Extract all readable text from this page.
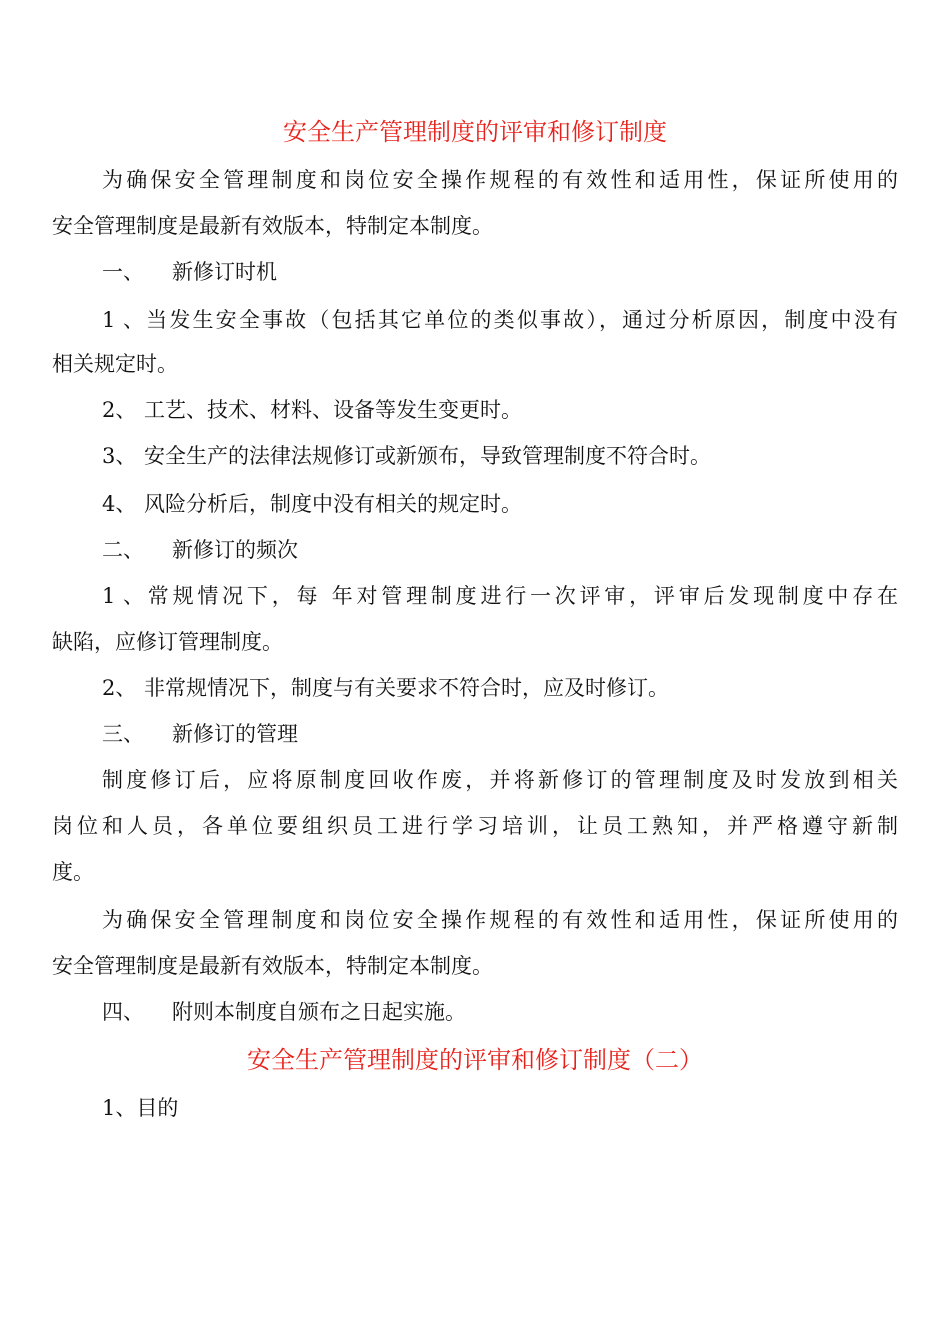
安全生产管理制度的评审和修订制度
为确保安全管理制度和岗位安全操作规程的有效性和适用性，保证所使用的
安全管理制度是最新有效版本，特制定本制度。
一、 新修订时机
1、当发生安全事故（包括其它单位的类似事故），通过分析原因，制度中没有
相关规定时。
2、 工艺、技术、材料、设备等发生变更时。
3、 安全生产的法律法规修订或新颁布，导致管理制度不符合时。
4、 风险分析后，制度中没有相关的规定时。
二、 新修订的频次
1、常规情况下，每 年对管理制度进行一次评审，评审后发现制度中存在
缺陷，应修订管理制度。
2、 非常规情况下，制度与有关要求不符合时，应及时修订。
三、 新修订的管理
制度修订后，应将原制度回收作废，并将新修订的管理制度及时发放到相关
岗位和人员，各单位要组织员工进行学习培训，让员工熟知，并严格遵守新制
度。
为确保安全管理制度和岗位安全操作规程的有效性和适用性，保证所使用的
安全管理制度是最新有效版本，特制定本制度。
四、 附则本制度自颁布之日起实施。
安全生产管理制度的评审和修订制度（二）
1、目的
